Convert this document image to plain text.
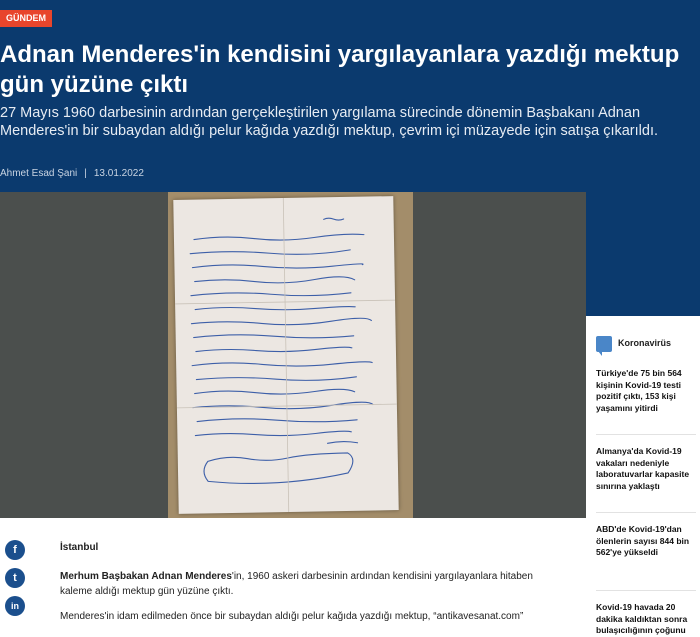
GÜNDEM
Adnan Menderes'in kendisini yargılayanlara yazdığı mektup gün yüzüne çıktı

27 Mayıs 1960 darbesinin ardından gerçekleştirilen yargılama sürecinde dönemin Başbakanı Adnan Menderes'in bir subaydan aldığı pelur kağıda yazdığı mektup, çevrim içi müzayede için satışa çıkarıldı.

Ahmet Esad Şani | 13.01.2022
f
t
in
İstanbul

Merhum Başbakan Adnan Menderes'in, 1960 askeri darbesinin ardından kendisini yargılayanlara hitaben kaleme aldığı mektup gün yüzüne çıktı.

Menderes'in idam edilmeden önce bir subaydan aldığı pelur kağıda yazdığı mektup, “antikavesanat.com”

Koronavirüs
Türkiye'de 75 bin 564 kişinin Kovid-19 testi pozitif çıktı, 153 kişi yaşamını yitirdi
Almanya'da Kovid-19 vakaları nedeniyle laboratuvarlar kapasite sınırına yaklaştı
ABD'de Kovid-19'dan ölenlerin sayısı 844 bin 562'ye yükseldi
Kovid-19 havada 20 dakika kaldıktan sonra bulaşıcılığının çoğunu
